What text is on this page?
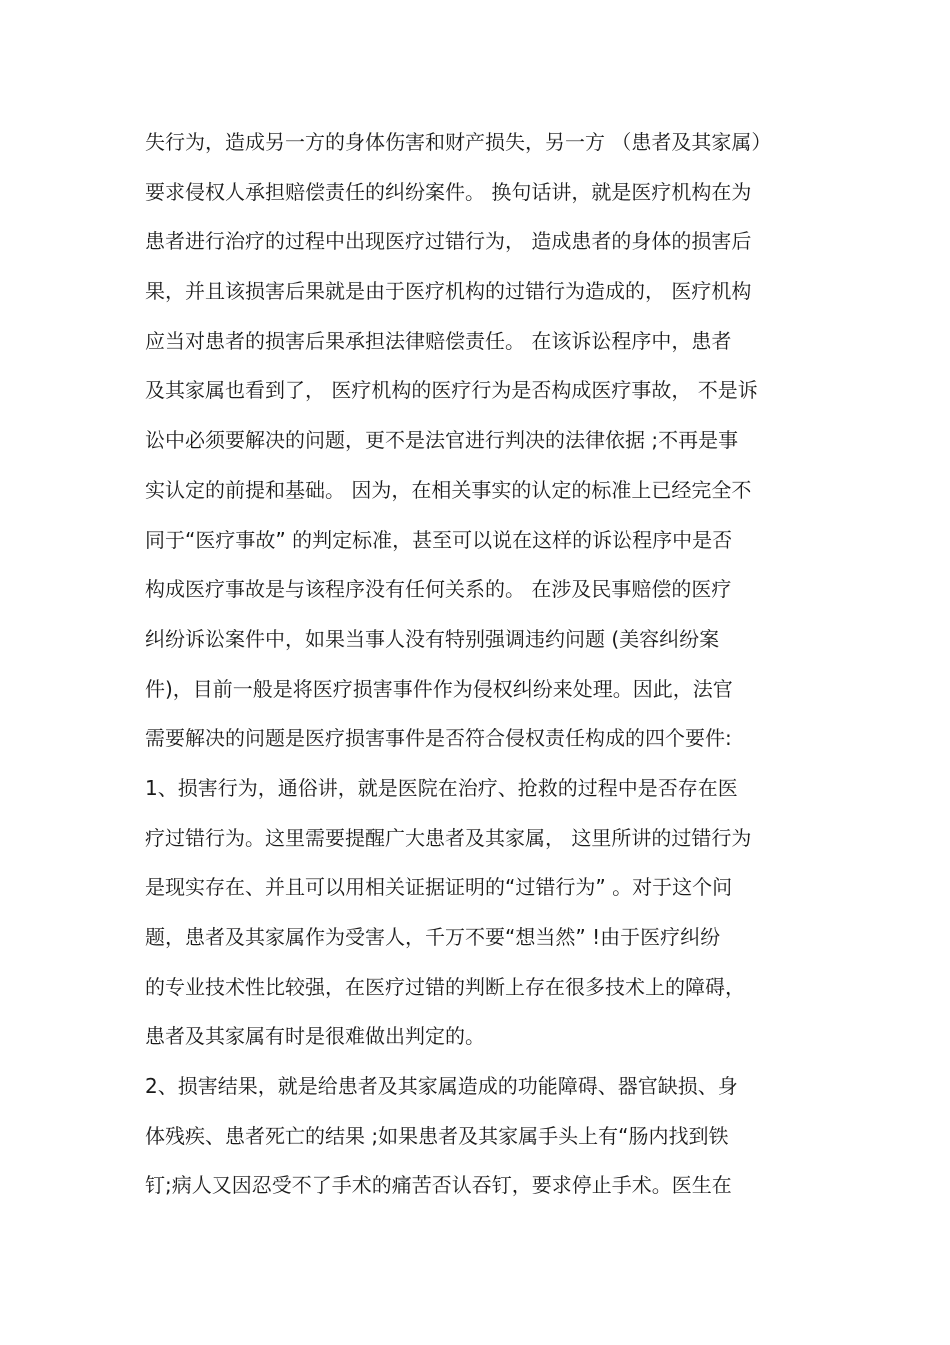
失行为，造成另一方的身体伤害和财产损失，另一方 （患者及其家属）
要求侵权人承担赔偿责任的纠纷案件。 换句话讲，就是医疗机构在为
患者进行治疗的过程中出现医疗过错行为， 造成患者的身体的损害后
果，并且该损害后果就是由于医疗机构的过错行为造成的， 医疗机构
应当对患者的损害后果承担法律赔偿责任。 在该诉讼程序中，患者
及其家属也看到了， 医疗机构的医疗行为是否构成医疗事故， 不是诉
讼中必须要解决的问题，更不是法官进行判决的法律依据 ;不再是事
实认定的前提和基础。 因为，在相关事实的认定的标准上已经完全不
同于“医疗事故” 的判定标准，甚至可以说在这样的诉讼程序中是否
构成医疗事故是与该程序没有任何关系的。 在涉及民事赔偿的医疗
纠纷诉讼案件中，如果当事人没有特别强调违约问题 (美容纠纷案
件)，目前一般是将医疗损害事件作为侵权纠纷来处理。因此，法官
需要解决的问题是医疗损害事件是否符合侵权责任构成的四个要件:
1、损害行为，通俗讲，就是医院在治疗、抢救的过程中是否存在医
疗过错行为。这里需要提醒广大患者及其家属， 这里所讲的过错行为
是现实存在、并且可以用相关证据证明的“过错行为” 。对于这个问
题，患者及其家属作为受害人，千万不要“想当然” !由于医疗纠纷
的专业技术性比较强，在医疗过错的判断上存在很多技术上的障碍，
患者及其家属有时是很难做出判定的。
2、损害结果，就是给患者及其家属造成的功能障碍、器官缺损、身
体残疾、患者死亡的结果 ;如果患者及其家属手头上有“肠内找到铁
钉;病人又因忍受不了手术的痛苦否认吞钉，要求停止手术。医生在
